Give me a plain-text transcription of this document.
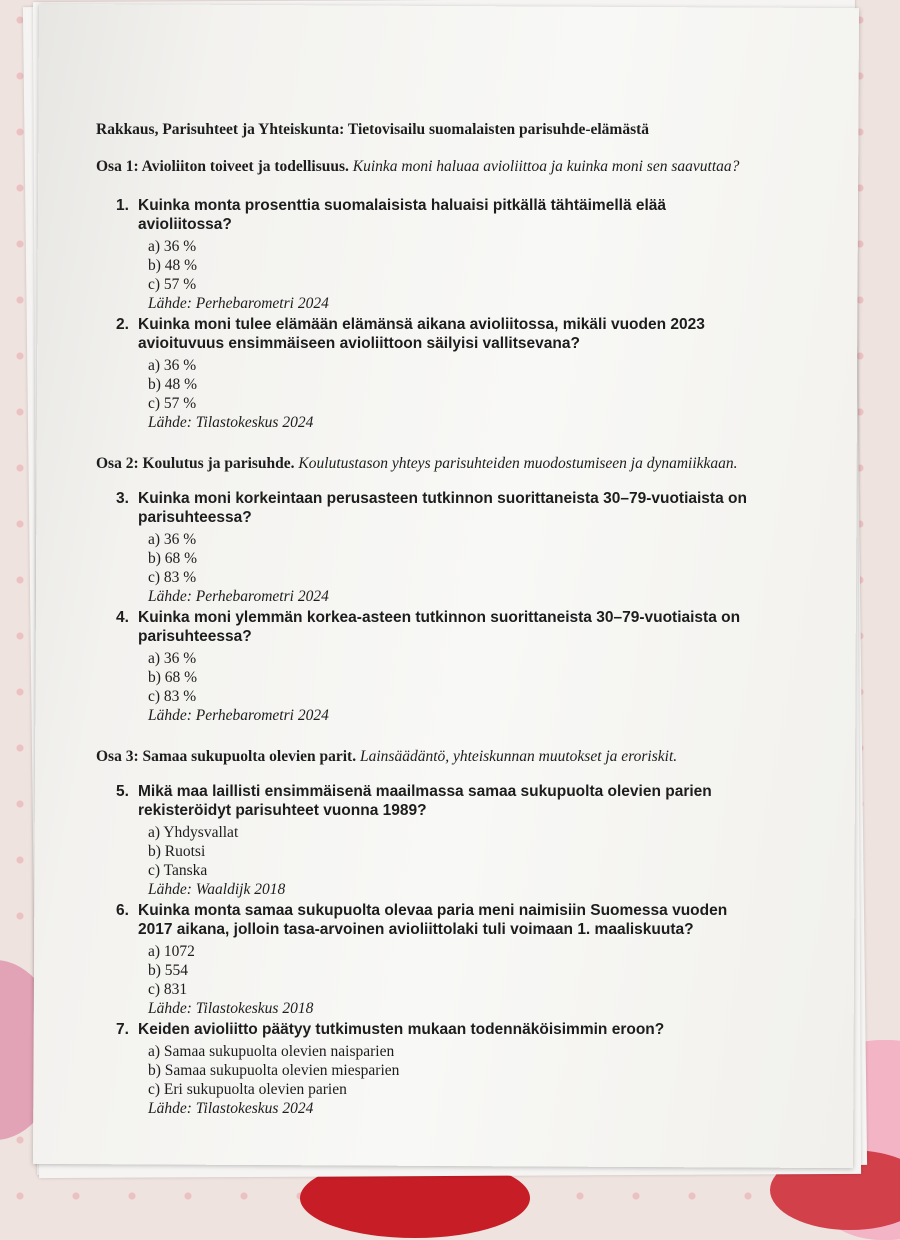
Rakkaus, Parisuhteet ja Yhteiskunta: Tietovisailu suomalaisten parisuhde-elämästä
Osa 1: Avioliiton toiveet ja todellisuus. Kuinka moni haluaa avioliittoa ja kuinka moni sen saavuttaa?
1. Kuinka monta prosenttia suomalaisista haluaisi pitkällä tähtäimellä elää avioliitossa?
a) 36 %
b) 48 %
c) 57 %
Lähde: Perhebarometri 2024
2. Kuinka moni tulee elämään elämänsä aikana avioliitossa, mikäli vuoden 2023 avioituvuus ensimmäiseen avioliittoon säilyisi vallitsevana?
a) 36 %
b) 48 %
c) 57 %
Lähde: Tilastokeskus 2024
Osa 2: Koulutus ja parisuhde. Koulutustason yhteys parisuhteiden muodostumiseen ja dynamiikkaan.
3. Kuinka moni korkeintaan perusasteen tutkinnon suorittaneista 30–79-vuotiaista on parisuhteessa?
a) 36 %
b) 68 %
c) 83 %
Lähde: Perhebarometri 2024
4. Kuinka moni ylemmän korkea-asteen tutkinnon suorittaneista 30–79-vuotiaista on parisuhteessa?
a) 36 %
b) 68 %
c) 83 %
Lähde: Perhebarometri 2024
Osa 3: Samaa sukupuolta olevien parit. Lainsäädäntö, yhteiskunnan muutokset ja eroriskit.
5. Mikä maa laillisti ensimmäisenä maailmassa samaa sukupuolta olevien parien rekisteröidyt parisuhteet vuonna 1989?
a) Yhdysvallat
b) Ruotsi
c) Tanska
Lähde: Waaldijk 2018
6. Kuinka monta samaa sukupuolta olevaa paria meni naimisiin Suomessa vuoden 2017 aikana, jolloin tasa-arvoinen avioliittolaki tuli voimaan 1. maaliskuuta?
a) 1072
b) 554
c) 831
Lähde: Tilastokeskus 2018
7. Keiden avioliitto päätyy tutkimusten mukaan todennäköisimmin eroon?
a) Samaa sukupuolta olevien naisparien
b) Samaa sukupuolta olevien miesparien
c) Eri sukupuolta olevien parien
Lähde: Tilastokeskus 2024
